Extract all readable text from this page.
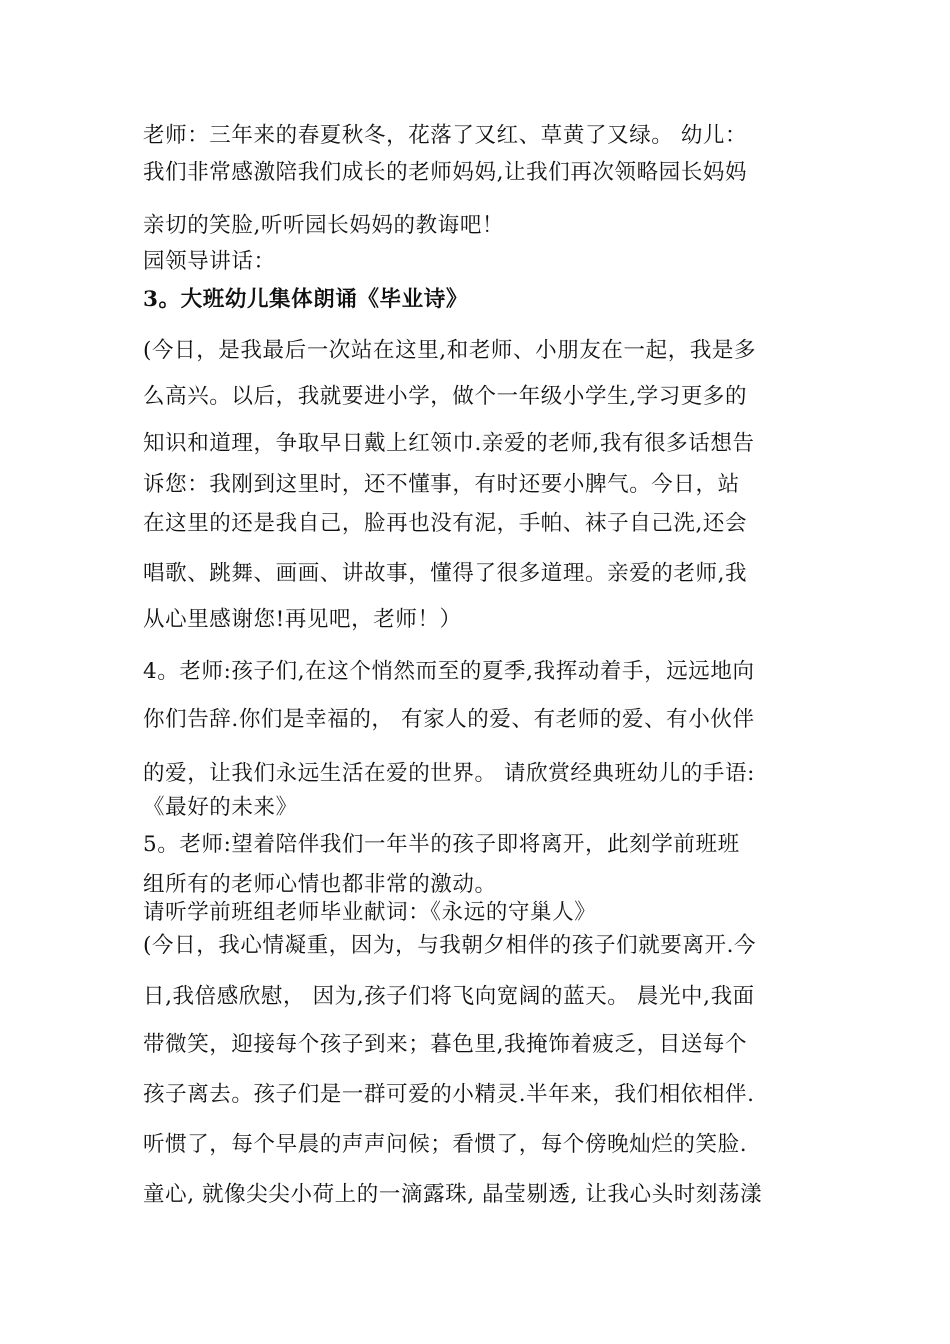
老师：三年来的春夏秋冬，花落了又红、草黄了又绿。 幼儿：
我们非常感激陪我们成长的老师妈妈,让我们再次领略园长妈妈
亲切的笑脸,听听园长妈妈的教诲吧！
园领导讲话：
3。大班幼儿集体朗诵《毕业诗》
(今日，是我最后一次站在这里,和老师、小朋友在一起，我是多
么高兴。以后，我就要进小学，做个一年级小学生,学习更多的
知识和道理，争取早日戴上红领巾.亲爱的老师,我有很多话想告
诉您：我刚到这里时，还不懂事，有时还要小脾气。今日，站
在这里的还是我自己，脸再也没有泥，手帕、袜子自己洗,还会
唱歌、跳舞、画画、讲故事，懂得了很多道理。亲爱的老师,我
从心里感谢您!再见吧，老师！）
4。老师:孩子们,在这个悄然而至的夏季,我挥动着手，远远地向
你们告辞.你们是幸福的， 有家人的爱、有老师的爱、有小伙伴
的爱，让我们永远生活在爱的世界。 请欣赏经典班幼儿的手语:
《最好的未来》
5。老师:望着陪伴我们一年半的孩子即将离开，此刻学前班班
组所有的老师心情也都非常的激动。
请听学前班组老师毕业献词：《永远的守巢人》
(今日，我心情凝重，因为，与我朝夕相伴的孩子们就要离开.今
日,我倍感欣慰， 因为,孩子们将飞向宽阔的蓝天。 晨光中,我面
带微笑，迎接每个孩子到来；暮色里,我掩饰着疲乏，目送每个
孩子离去。孩子们是一群可爱的小精灵.半年来，我们相依相伴.
听惯了，每个早晨的声声问候；看惯了，每个傍晚灿烂的笑脸.
童心, 就像尖尖小荷上的一滴露珠, 晶莹剔透, 让我心头时刻荡漾
